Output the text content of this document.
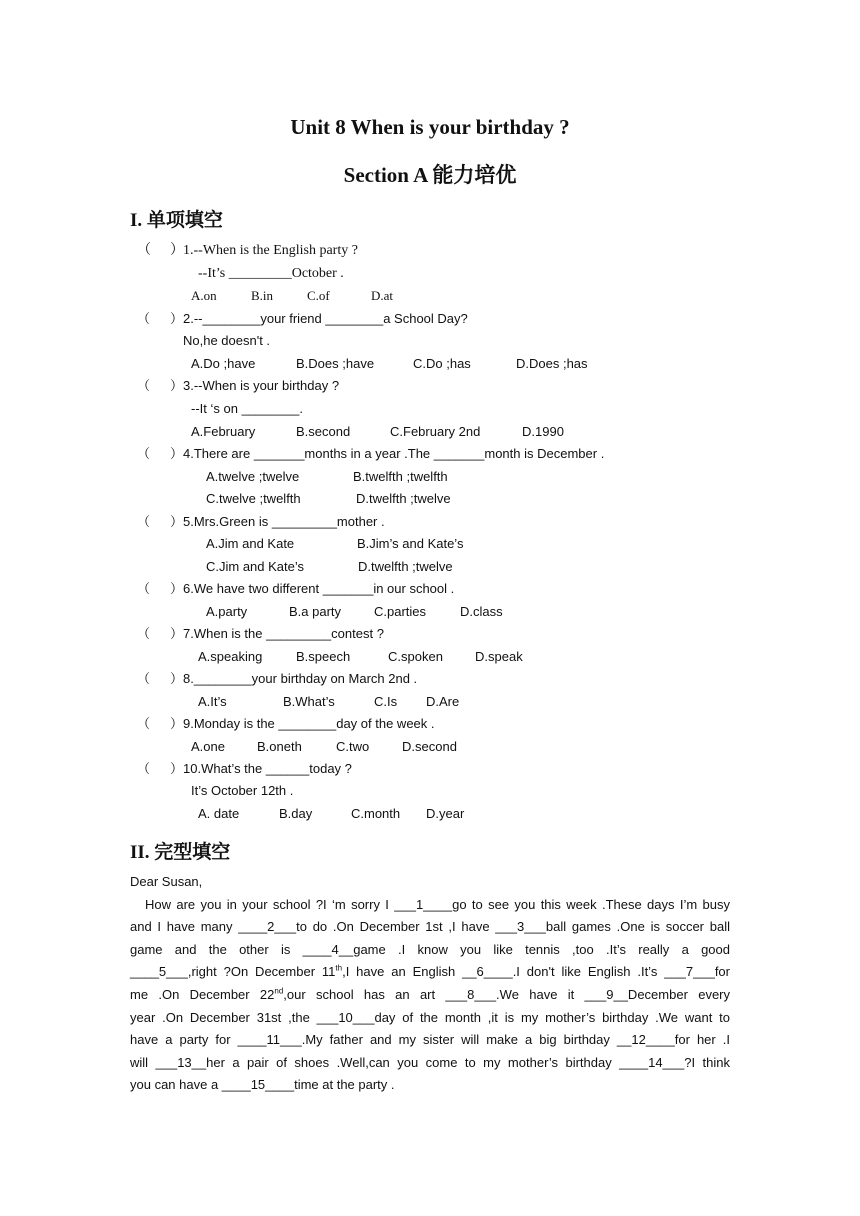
Unit 8 When is your birthday ?
Section A 能力培优
I. 单项填空
（ ） 1.--When is the English party ?
--It’s _________October .
A.on	B.in	C.of	D.at
（ ） 2.--________your friend ________a School Day?
No,he doesn't .
A.Do ;have	B.Does ;have	C.Do ;has	D.Does ;has
（ ） 3.--When is your birthday ?
--It ‘s on ________.
A.February	B.second	C.February 2nd	D.1990
（ ） 4.There are _______months in a year .The _______month is December .
A.twelve ;twelve	B.twelfth ;twelfth
C.twelve ;twelfth	D.twelfth ;twelve
（ ） 5.Mrs.Green is _________mother .
A.Jim and Kate	B.Jim’s and Kate’s
C.Jim and Kate’s	D.twelfth ;twelve
（ ） 6.We have two different _______in our school .
A.party	B.a party	C.parties	D.class
（ ） 7.When is the _________contest ?
A.speaking	B.speech	C.spoken D.speak
（ ） 8.________your birthday on March 2nd .
A.It’s	B.What’s	C.Is D.Are
（ ） 9.Monday is the ________day of the week .
A.one B.oneth	C.two	D.second
（ ） 10.What’s the ______today ?
It’s October 12th .
A. date	B.day	C.month D.year
II. 完型填空

Dear Susan,

How are you in your school ?I ‘m sorry I ___1____go to see you this week .These days I’m busy

and I have many ____2___to do .On December 1st ,I have ___3___ball games .One is soccer ball

game and the other is ____4__game .I know you like tennis ,too .It’s really a good

____5___,right ?On December 11th,I have an English __6____.I don't like English .It’s ___7___for

me .On December 22nd,our school has an art ___8___.We have it ___9__December every

year .On December 31st ,the ___10___day of the month ,it is my mother’s birthday .We want to

have a party for ____11___.My father and my sister will make a big birthday __12____for her .I

will ___13__her a pair of shoes .Well,can you come to my mother’s birthday ____14___?I think

you can have a ____15____time at the party .
